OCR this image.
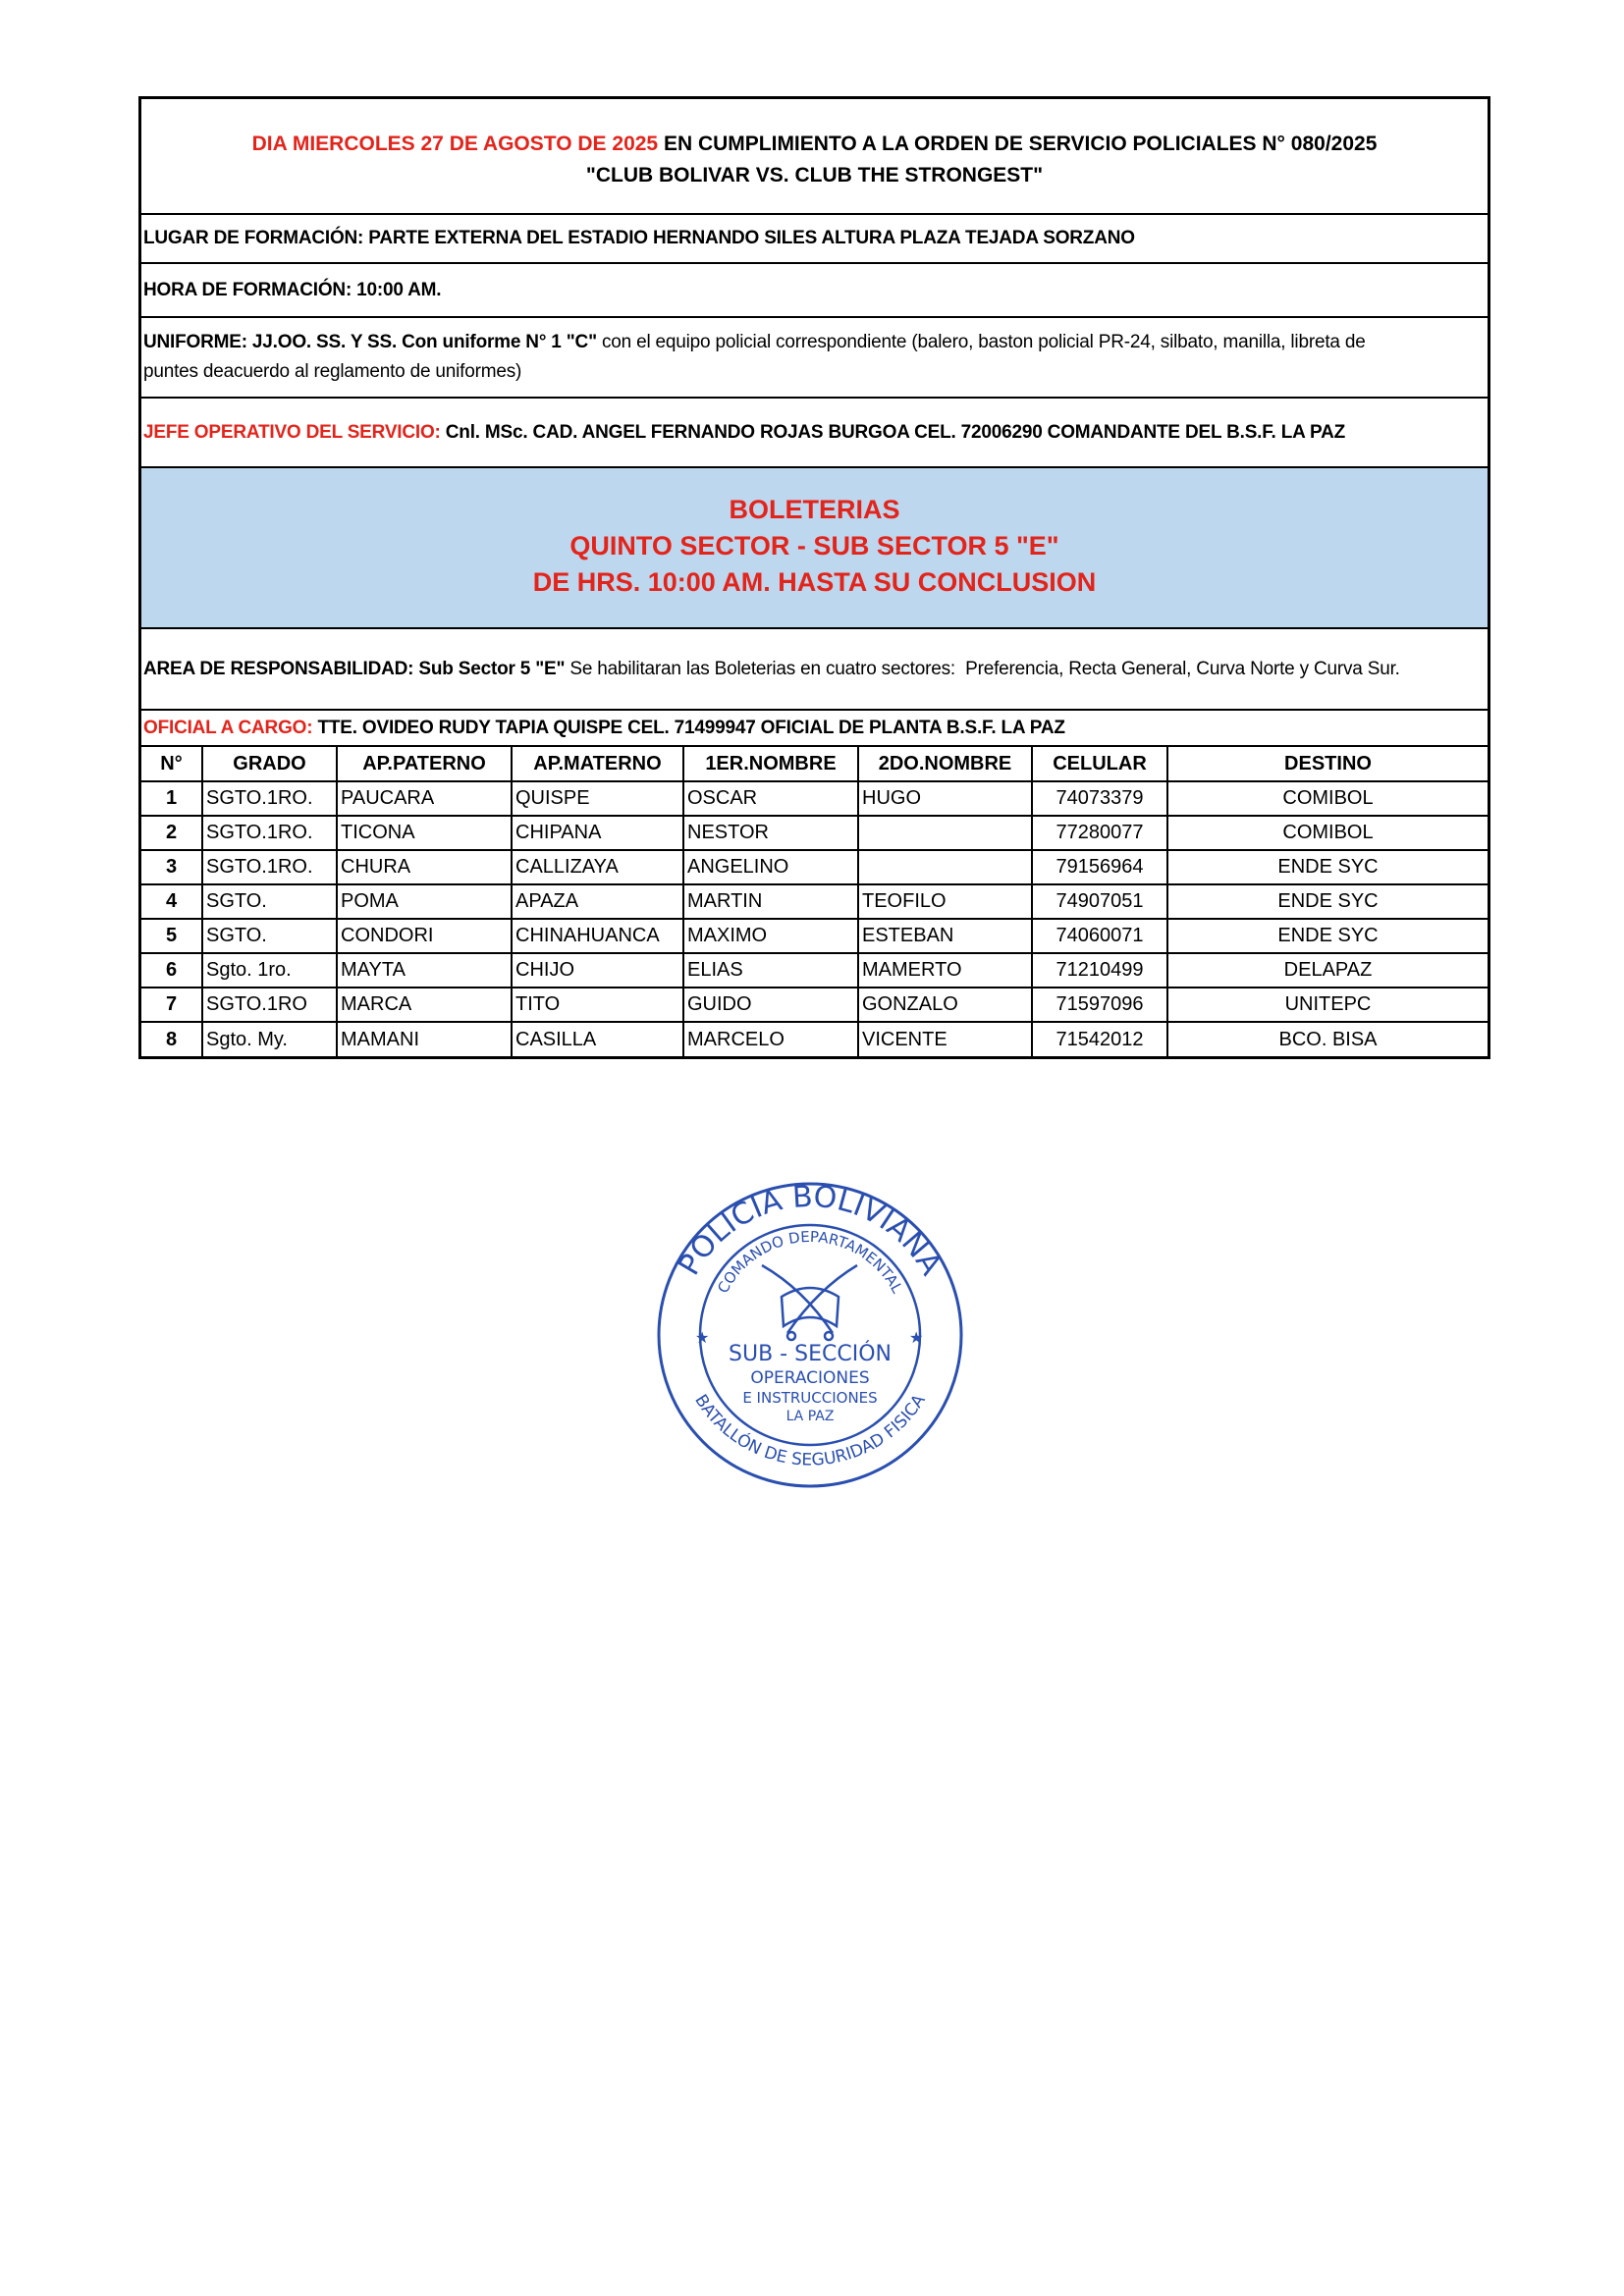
DIA MIERCOLES 27 DE AGOSTO DE 2025 EN CUMPLIMIENTO A LA ORDEN DE SERVICIO POLICIALES N° 080/2025
"CLUB BOLIVAR VS. CLUB THE STRONGEST"
LUGAR DE FORMACIÓN: PARTE EXTERNA DEL ESTADIO HERNANDO SILES ALTURA PLAZA TEJADA SORZANO
HORA DE FORMACIÓN: 10:00 AM.
UNIFORME: JJ.OO. SS. Y SS. Con uniforme N° 1 "C" con el equipo policial correspondiente (balero, baston policial PR-24, silbato, manilla, libreta de
puntes deacuerdo al reglamento de uniformes)
JEFE OPERATIVO DEL SERVICIO: Cnl. MSc. CAD. ANGEL FERNANDO ROJAS BURGOA CEL. 72006290 COMANDANTE DEL B.S.F. LA PAZ
BOLETERIAS
QUINTO SECTOR - SUB SECTOR 5 "E"
DE HRS. 10:00 AM. HASTA SU CONCLUSION
AREA DE RESPONSABILIDAD: Sub Sector 5 "E" Se habilitaran las Boleterias en cuatro sectores:  Preferencia, Recta General, Curva Norte y Curva Sur.
OFICIAL A CARGO: TTE. OVIDEO RUDY TAPIA QUISPE CEL. 71499947 OFICIAL DE PLANTA B.S.F. LA PAZ
N°	GRADO	AP.PATERNO	AP.MATERNO	1ER.NOMBRE	2DO.NOMBRE	CELULAR	DESTINO
1	SGTO.1RO.	PAUCARA	QUISPE	OSCAR	HUGO	74073379	COMIBOL
2	SGTO.1RO.	TICONA	CHIPANA	NESTOR		77280077	COMIBOL
3	SGTO.1RO.	CHURA	CALLIZAYA	ANGELINO		79156964	ENDE SYC
4	SGTO.	POMA	APAZA	MARTIN	TEOFILO	74907051	ENDE SYC
5	SGTO.	CONDORI	CHINAHUANCA	MAXIMO	ESTEBAN	74060071	ENDE SYC
6	Sgto. 1ro.	MAYTA	CHIJO	ELIAS	MAMERTO	71210499	DELAPAZ
7	SGTO.1RO	MARCA	TITO	GUIDO	GONZALO	71597096	UNITEPC
8	Sgto. My.	MAMANI	CASILLA	MARCELO	VICENTE	71542012	BCO. BISA
POLICIA BOLIVIANA
COMANDO DEPARTAMENTAL
BATALLÓN DE SEGURIDAD FISICA
SUB - SECCIÓN
OPERACIONES
E INSTRUCCIONES
LA PAZ
★	★
